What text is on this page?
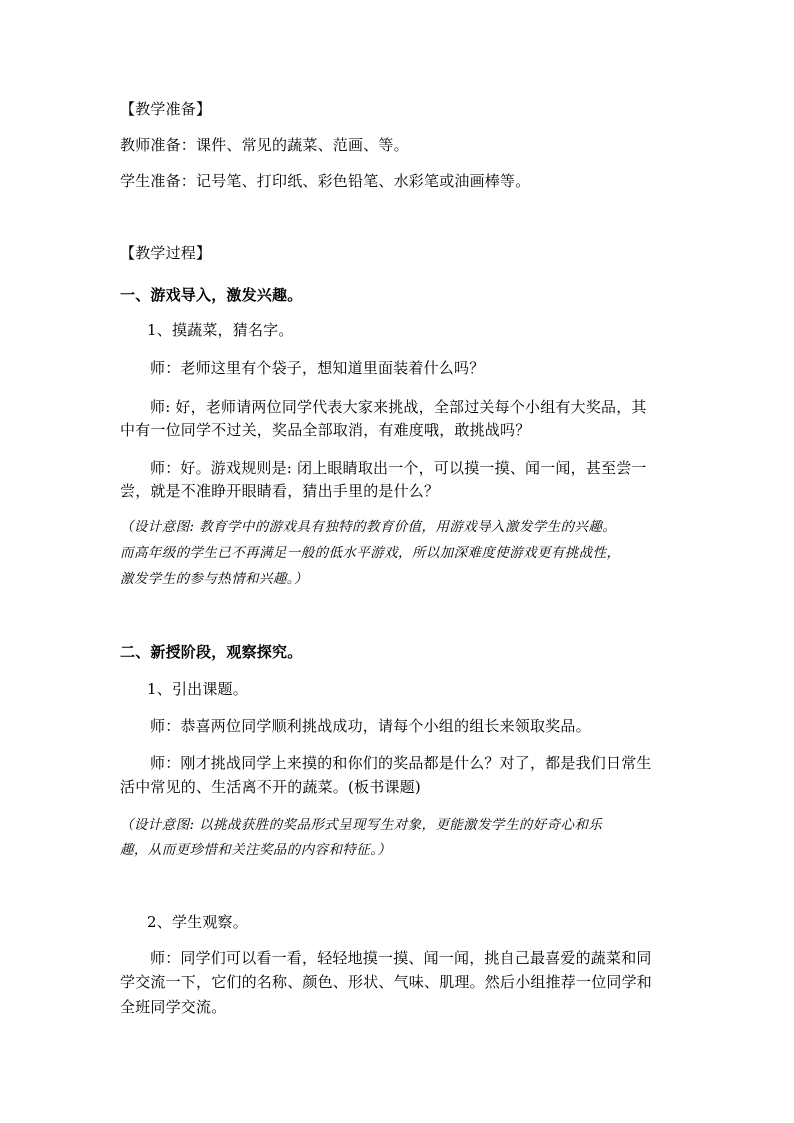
【教学准备】
教师准备：课件、常见的蔬菜、范画、等。
学生准备：记号笔、打印纸、彩色铅笔、水彩笔或油画棒等。
【教学过程】
一、游戏导入，激发兴趣。
1、摸蔬菜，猜名字。
师：老师这里有个袋子，想知道里面装着什么吗？
师: 好，老师请两位同学代表大家来挑战，全部过关每个小组有大奖品，其
中有一位同学不过关，奖品全部取消，有难度哦，敢挑战吗？
师：好。游戏规则是: 闭上眼睛取出一个，可以摸一摸、闻一闻，甚至尝一
尝，就是不准睁开眼睛看，猜出手里的是什么？
（设计意图: 教育学中的游戏具有独特的教育价值，用游戏导入激发学生的兴趣。
而高年级的学生已不再满足一般的低水平游戏，所以加深难度使游戏更有挑战性，
激发学生的参与热情和兴趣。）
二、新授阶段，观察探究。
1、引出课题。
师：恭喜两位同学顺利挑战成功，请每个小组的组长来领取奖品。
师：刚才挑战同学上来摸的和你们的奖品都是什么？对了，都是我们日常生
活中常见的、生活离不开的蔬菜。(板书课题)
（设计意图: 以挑战获胜的奖品形式呈现写生对象，更能激发学生的好奇心和乐
趣，从而更珍惜和关注奖品的内容和特征。）
2、学生观察。
师：同学们可以看一看，轻轻地摸一摸、闻一闻，挑自己最喜爱的蔬菜和同
学交流一下，它们的名称、颜色、形状、气味、肌理。然后小组推荐一位同学和
全班同学交流。
